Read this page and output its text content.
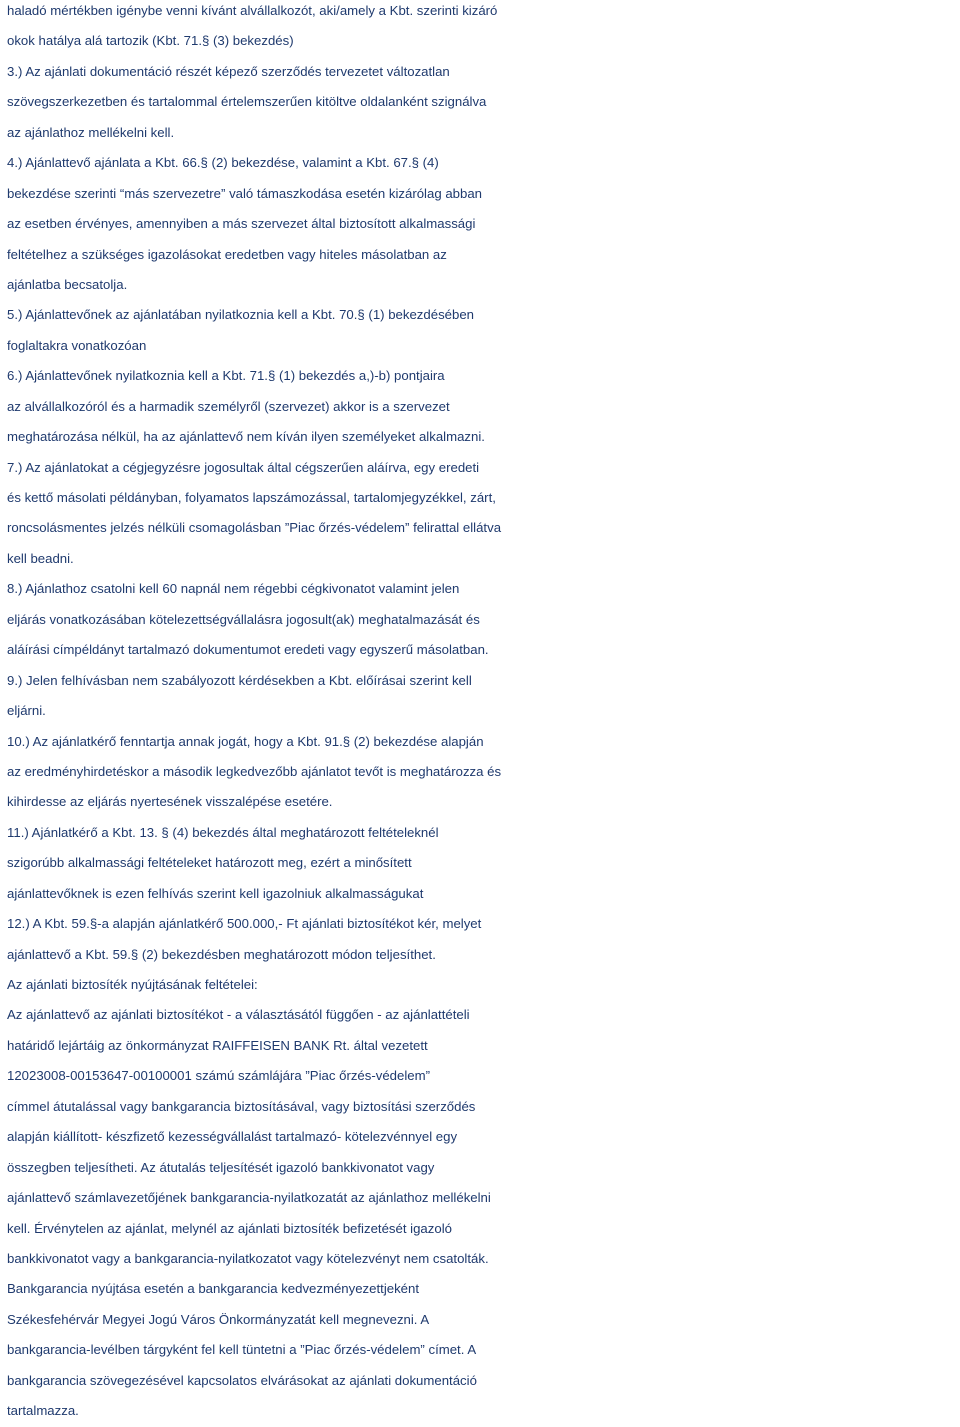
haladó mértékben igénybe venni kívánt alvállalkozót, aki/amely a Kbt. szerinti kizáró
okok hatálya alá tartozik (Kbt. 71.§ (3) bekezdés)
3.) Az ajánlati dokumentáció részét képező szerződés tervezetet változatlan
szövegszerkezetben és tartalommal értelemszerűen kitöltve oldalanként szignálva
az ajánlathoz mellékelni kell.
4.) Ajánlattevő ajánlata a Kbt. 66.§ (2) bekezdése, valamint a Kbt. 67.§ (4)
bekezdése szerinti “más szervezetre” való támaszkodása esetén kizárólag abban
az esetben érvényes, amennyiben a más szervezet által biztosított alkalmassági
feltételhez a szükséges igazolásokat eredetben vagy hiteles másolatban az
ajánlatba becsatolja.
5.) Ajánlattevőnek az ajánlatában nyilatkoznia kell a Kbt. 70.§ (1) bekezdésében
foglaltakra vonatkozóan
6.) Ajánlattevőnek nyilatkoznia kell a Kbt. 71.§ (1) bekezdés a,)-b) pontjaira
az alvállalkozóról és a harmadik személyről (szervezet) akkor is a szervezet
meghatározása nélkül, ha az ajánlattevő nem kíván ilyen személyeket alkalmazni.
7.) Az ajánlatokat a cégjegyzésre jogosultak által cégszerűen aláírva, egy eredeti
és kettő másolati példányban, folyamatos lapszámozással, tartalomjegyzékkel, zárt,
roncsolásmentes jelzés nélküli csomagolásban ”Piac őrzés-védelem” felirattal ellátva
kell beadni.
8.) Ajánlathoz csatolni kell 60 napnál nem régebbi cégkivonatot valamint jelen
eljárás vonatkozásában kötelezettségvállalásra jogosult(ak) meghatalmazását és
aláírási címpéldányt tartalmazó dokumentumot eredeti vagy egyszerű másolatban.
9.) Jelen felhívásban nem szabályozott kérdésekben a Kbt. előírásai szerint kell
eljárni.
10.) Az ajánlatkérő fenntartja annak jogát, hogy a Kbt. 91.§ (2) bekezdése alapján
az eredményhirdetéskor a második legkedvezőbb ajánlatot tevőt is meghatározza és
kihirdesse az eljárás nyertesének visszalépése esetére.
11.) Ajánlatkérő a Kbt. 13. § (4) bekezdés által meghatározott feltételeknél
szigorúbb alkalmassági feltételeket határozott meg, ezért a minősített
ajánlattevőknek is ezen felhívás szerint kell igazolniuk alkalmasságukat
12.) A Kbt. 59.§-a alapján ajánlatkérő 500.000,- Ft ajánlati biztosítékot kér, melyet
ajánlattevő a Kbt. 59.§ (2) bekezdésben meghatározott módon teljesíthet.
Az ajánlati biztosíték nyújtásának feltételei:
Az ajánlattevő az ajánlati biztosítékot - a választásától függően - az ajánlattételi
határidő lejártáig az önkormányzat RAIFFEISEN BANK Rt. által vezetett
12023008-00153647-00100001 számú számlájára ”Piac őrzés-védelem”
címmel átutalással vagy bankgarancia biztosításával, vagy biztosítási szerződés
alapján kiállított- készfizető kezességvállalást tartalmazó- kötelezvénnyel egy
összegben teljesítheti. Az átutalás teljesítését igazoló bankkivonatot vagy
ajánlattevő számlavezetőjének bankgarancia-nyilatkozatát az ajánlathoz mellékelni
kell. Érvénytelen az ajánlat, melynél az ajánlati biztosíték befizetését igazoló
bankkivonatot vagy a bankgarancia-nyilatkozatot vagy kötelezvényt nem csatolták.
Bankgarancia nyújtása esetén a bankgarancia kedvezményezettjeként
Székesfehérvár Megyei Jogú Város Önkormányzatát kell megnevezni. A
bankgarancia-levélben tárgyként fel kell tüntetni a ”Piac őrzés-védelem” címet. A
bankgarancia szövegezésével kapcsolatos elvárásokat az ajánlati dokumentáció
tartalmazza.
